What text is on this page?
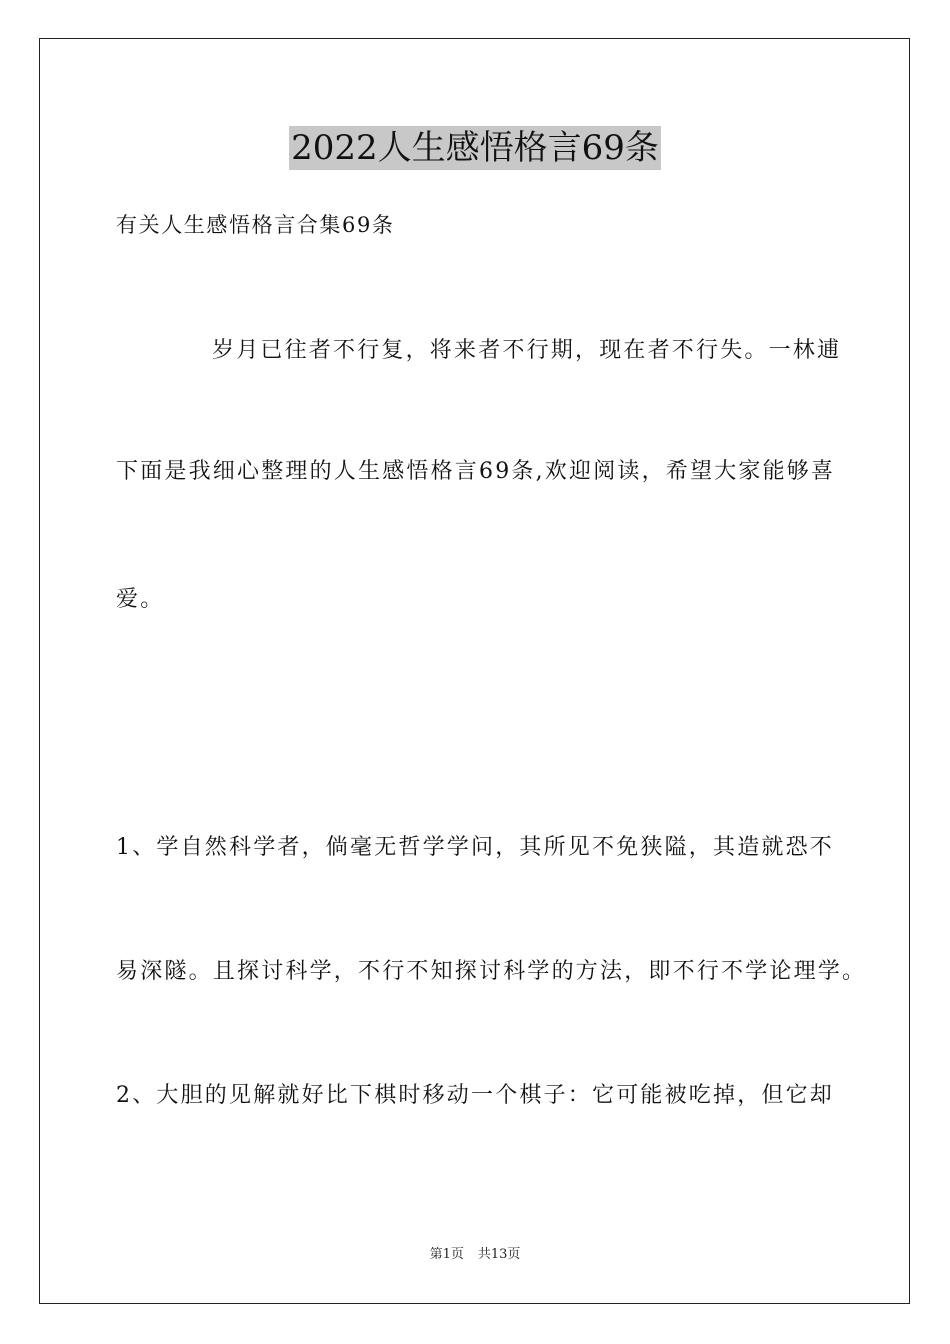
2022人生感悟格言69条
有关人生感悟格言合集69条
岁月已往者不行复，将来者不行期，现在者不行失。一林逋
下面是我细心整理的人生感悟格言69条,欢迎阅读，希望大家能够喜
爱。
1、学自然科学者，倘毫无哲学学问，其所见不免狭隘，其造就恐不
易深隧。且探讨科学，不行不知探讨科学的方法，即不行不学论理学。
2、大胆的见解就好比下棋时移动一个棋子：它可能被吃掉，但它却
第1页 共13页
